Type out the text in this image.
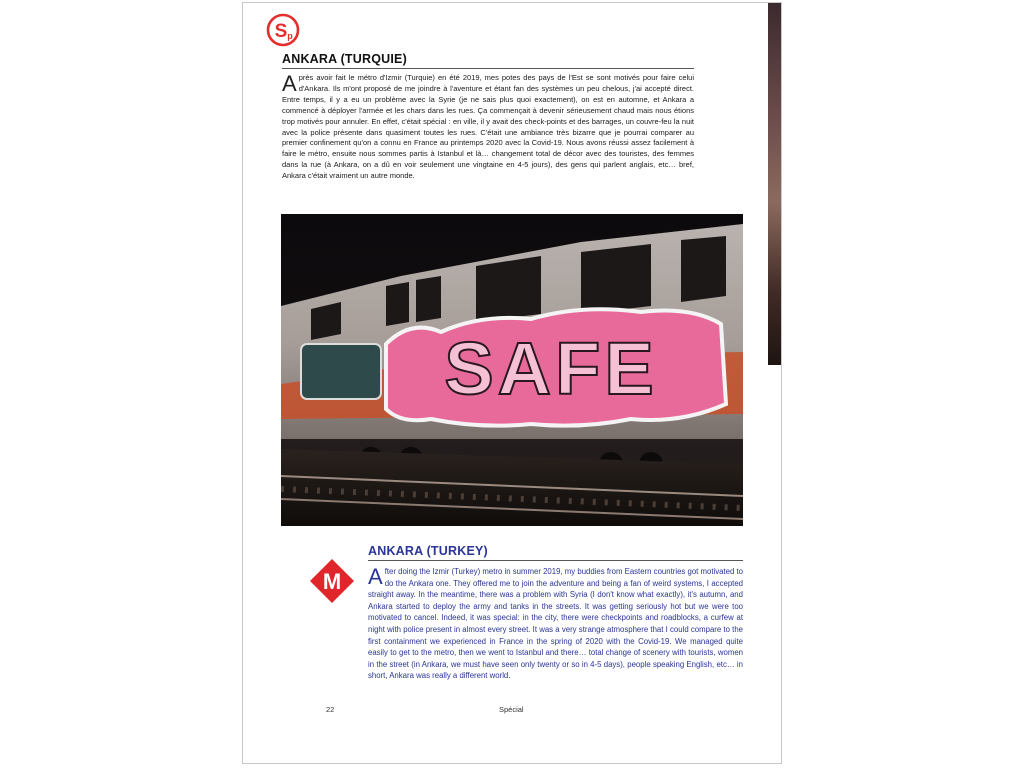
S p
ANKARA (TURQUIE)

Après avoir fait le métro d'Izmir (Turquie) en été 2019, mes potes des pays de l'Est se sont motivés pour faire celui d'Ankara. Ils m'ont proposé de me joindre à l'aventure et étant fan des systèmes un peu chelous, j'ai accepté direct. Entre temps, il y a eu un problème avec la Syrie (je ne sais plus quoi exactement), on est en automne, et Ankara a commencé à déployer l'armée et les chars dans les rues. Ça commençait à devenir sérieusement chaud mais nous étions trop motivés pour annuler. En effet, c'était spécial : en ville, il y avait des check-points et des barrages, un couvre-feu la nuit avec la police présente dans quasiment toutes les rues. C'était une ambiance très bizarre que je pourrai comparer au premier confinement qu'on a connu en France au printemps 2020 avec la Covid-19. Nous avons réussi assez facilement à faire le métro, ensuite nous sommes partis à Istanbul et là… changement total de décor avec des touristes, des femmes dans la rue (à Ankara, on a dû en voir seulement une vingtaine en 4-5 jours), des gens qui parlent anglais, etc… bref, Ankara c'était vraiment un autre monde.

SAFE
M
ANKARA (TURKEY)

After doing the Izmir (Turkey) metro in summer 2019, my buddies from Eastern countries got motivated to do the Ankara one. They offered me to join the adventure and being a fan of weird systems, I accepted straight away. In the meantime, there was a problem with Syria (I don't know what exactly), it's autumn, and Ankara started to deploy the army and tanks in the streets. It was getting seriously hot but we were too motivated to cancel. Indeed, it was special: in the city, there were checkpoints and roadblocks, a curfew at night with police present in almost every street. It was a very strange atmosphere that I could compare to the first containment we experienced in France in the spring of 2020 with the Covid-19. We managed quite easily to get to the metro, then we went to Istanbul and there… total change of scenery with tourists, women in the street (in Ankara, we must have seen only twenty or so in 4-5 days), people speaking English, etc… in short, Ankara was really a different world.

22	Spécial
